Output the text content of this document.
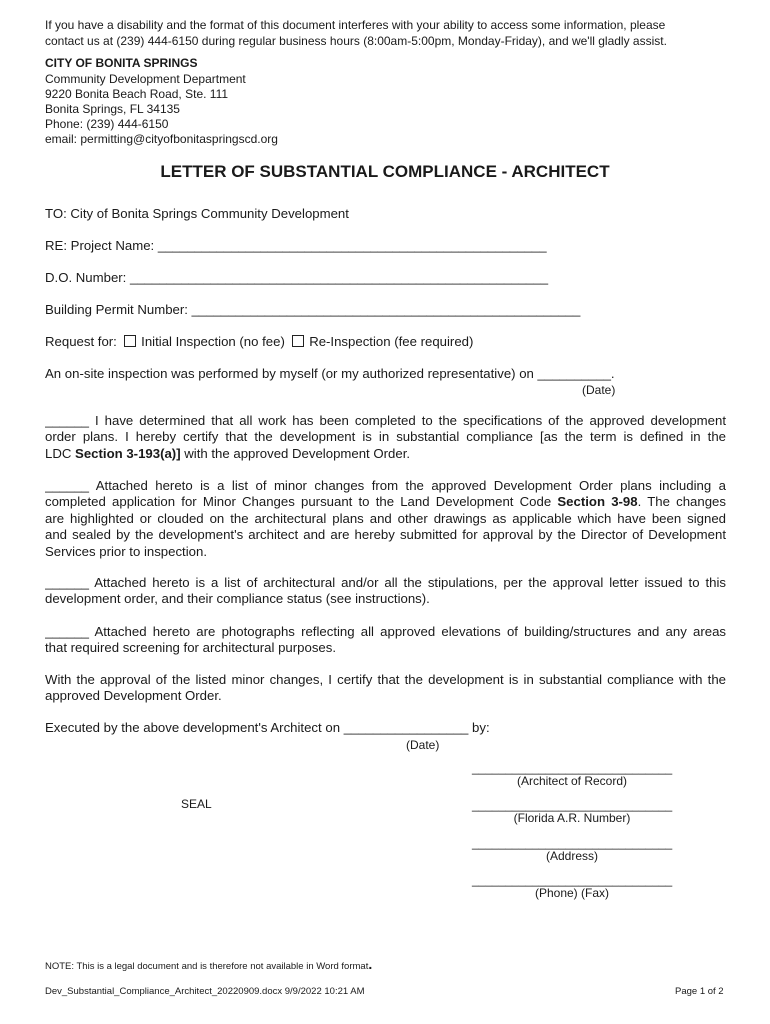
If you have a disability and the format of this document interferes with your ability to access some information, please
contact us at (239) 444-6150 during regular business hours (8:00am-5:00pm, Monday-Friday), and we'll gladly assist.
CITY OF BONITA SPRINGS
Community Development Department
9220 Bonita Beach Road, Ste. 111
Bonita Springs, FL 34135
Phone: (239) 444-6150
email: permitting@cityofbonitaspringscd.org
LETTER OF SUBSTANTIAL COMPLIANCE - ARCHITECT
TO: City of Bonita Springs Community Development
RE: Project Name: _____________________________________________________
D.O. Number: _________________________________________________________
Building Permit Number: _____________________________________________________
Request for: Initial Inspection (no fee) Re-Inspection (fee required)
An on-site inspection was performed by myself (or my authorized representative) on __________.
(Date)
______ I have determined that all work has been completed to the specifications of the approved development
order plans. I hereby certify that the development is in substantial compliance [as the term is defined in the
LDC Section 3-193(a)] with the approved Development Order.
______ Attached hereto is a list of minor changes from the approved Development Order plans including a
completed application for Minor Changes pursuant to the Land Development Code Section 3-98. The changes
are highlighted or clouded on the architectural plans and other drawings as applicable which have been signed
and sealed by the development's architect and are hereby submitted for approval by the Director of Development
Services prior to inspection.
______ Attached hereto is a list of architectural and/or all the stipulations, per the approval letter issued to this
development order, and their compliance status (see instructions).
______ Attached hereto are photographs reflecting all approved elevations of building/structures and any areas
that required screening for architectural purposes.
With the approval of the listed minor changes, I certify that the development is in substantial compliance with the
approved Development Order.
Executed by the above development's Architect on _________________ by:
(Date)
SEAL
______________________________
(Architect of Record)
______________________________
(Florida A.R. Number)
______________________________
(Address)
______________________________
(Phone) (Fax)
NOTE: This is a legal document and is therefore not available in Word format.
Dev_Substantial_Compliance_Architect_20220909.docx 9/9/2022 10:21 AM	Page 1 of 2
